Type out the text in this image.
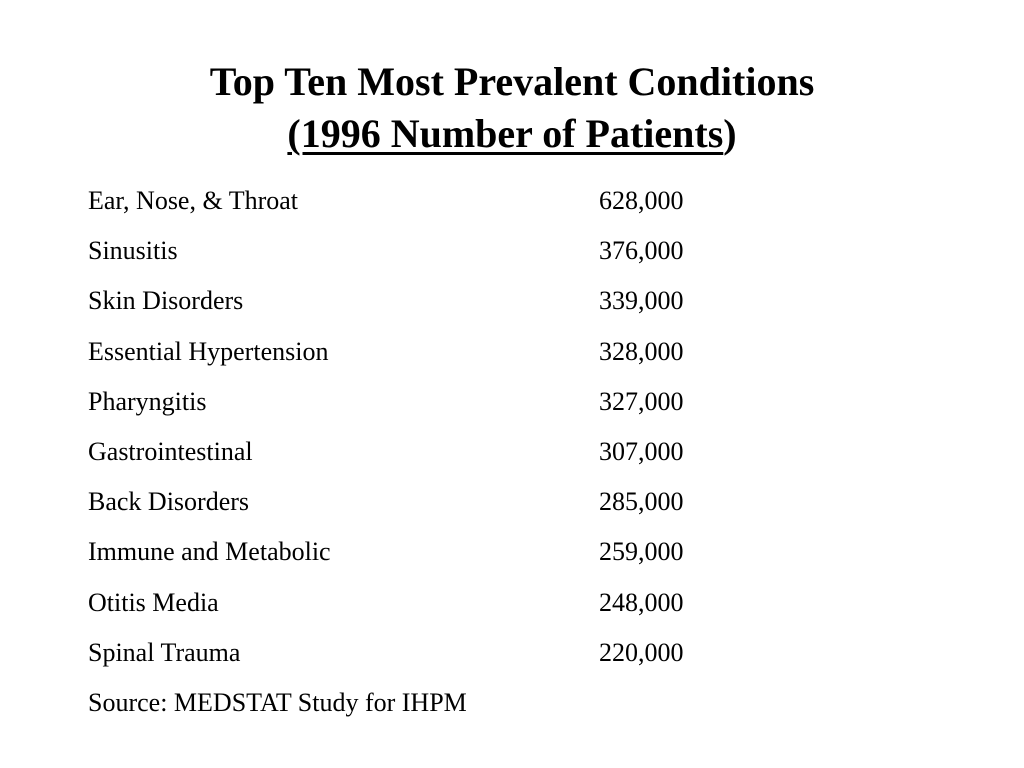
Top Ten Most Prevalent Conditions
(1996 Number of Patients)
Ear, Nose, & Throat	628,000
Sinusitis	376,000
Skin Disorders	339,000
Essential Hypertension	328,000
Pharyngitis	327,000
Gastrointestinal	307,000
Back Disorders	285,000
Immune and Metabolic	259,000
Otitis Media	248,000
Spinal Trauma	220,000
Source: MEDSTAT Study for IHPM
